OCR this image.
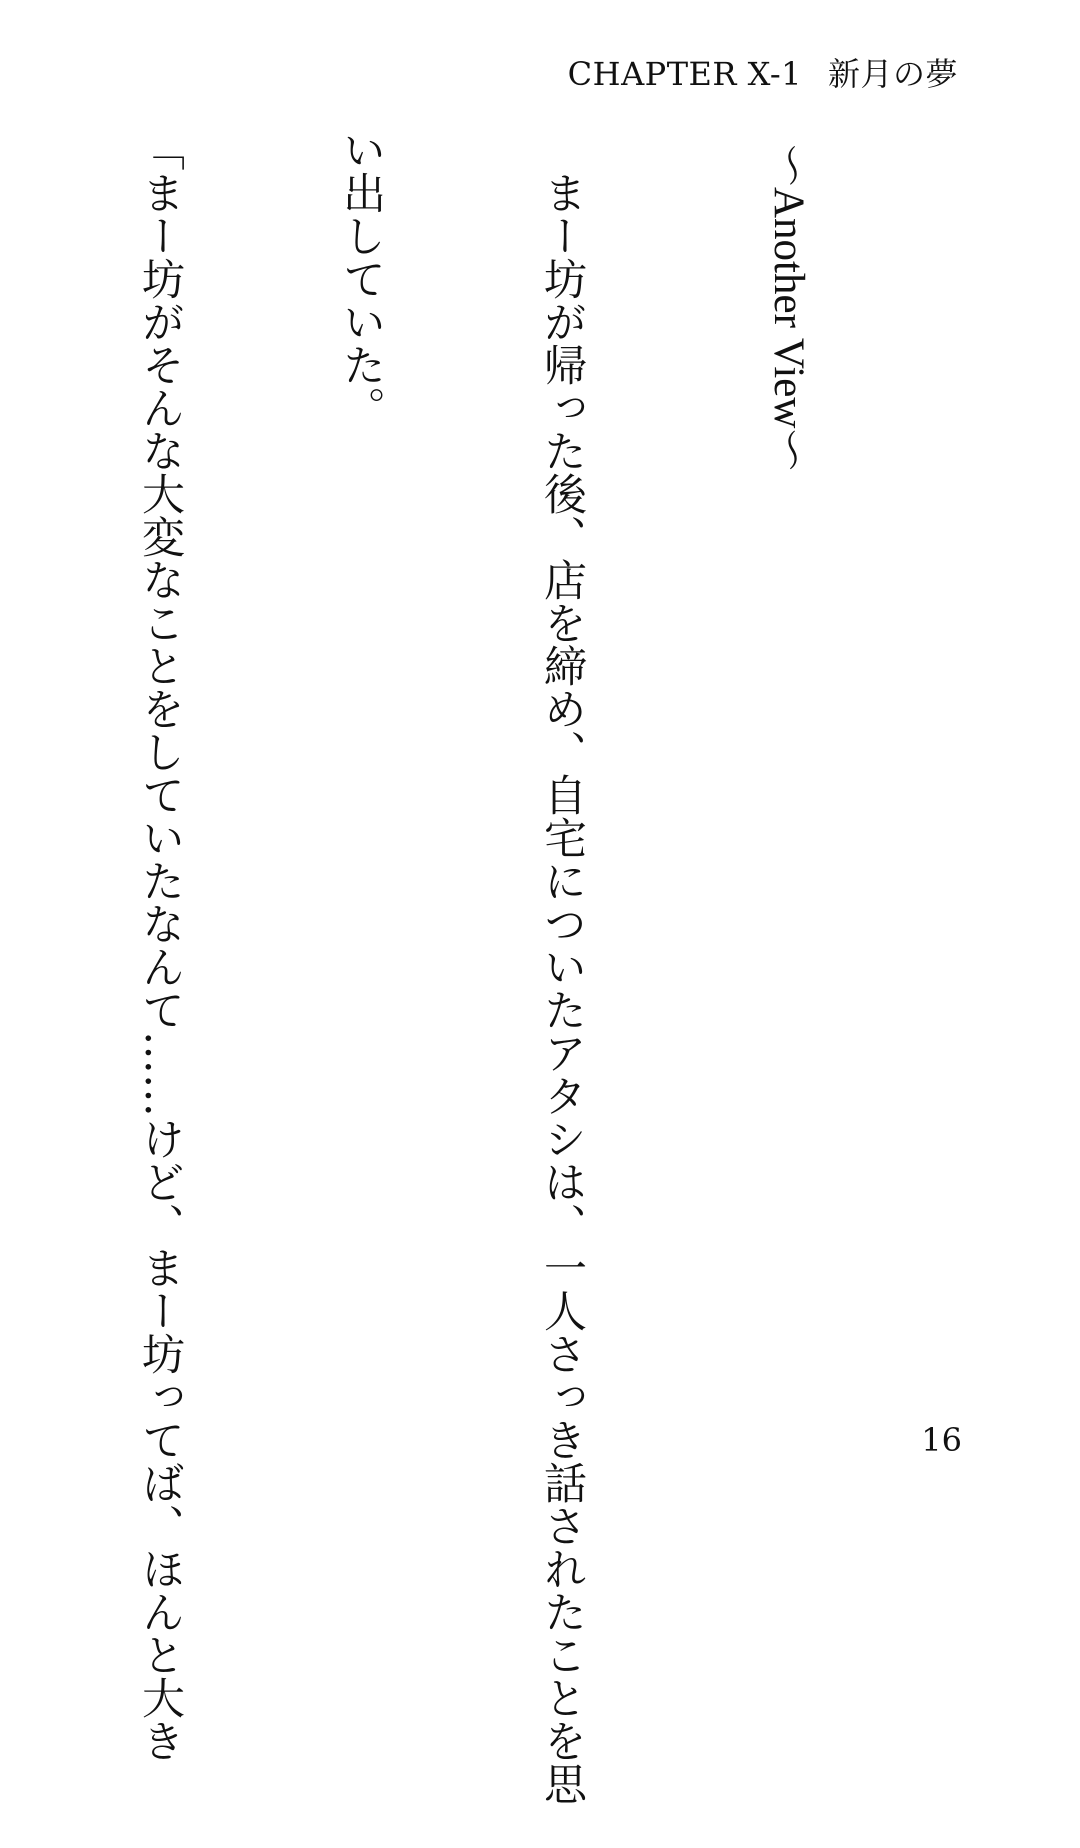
CHAPTER X-1 新月の夢

～Another View～

　まー坊が帰った後、店を締め、自宅についたアタシは、一人さっき話されたことを思

い出していた。

「まー坊がそんな大変なことをしていたなんて……けど、まー坊ってば、ほんと大き

	16
